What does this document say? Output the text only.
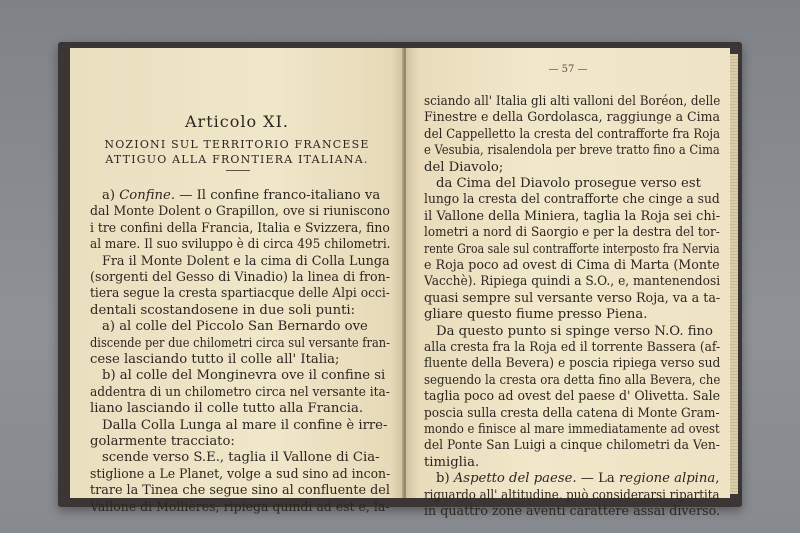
Articolo XI.
NOZIONI SUL TERRITORIO FRANCESE
ATTIGUO ALLA FRONTIERA ITALIANA.
a) Confine. — Il confine franco-italiano va
dal Monte Dolent o Grapillon, ove si riuniscono
i tre confini della Francia, Italia e Svizzera, fino
al mare. Il suo sviluppo è di circa 495 chilometri.
Fra il Monte Dolent e la cima di Colla Lunga
(sorgenti del Gesso di Vinadio) la linea di fron-
tiera segue la cresta spartiacque delle Alpi occi-
dentali scostandosene in due soli punti:
a) al colle del Piccolo San Bernardo ove
discende per due chilometri circa sul versante fran-
cese lasciando tutto il colle all' Italia;
b) al colle del Monginevra ove il confine si
addentra di un chilometro circa nel versante ita-
liano lasciando il colle tutto alla Francia.
Dalla Colla Lunga al mare il confine è irre-
golarmente tracciato:
scende verso S.E., taglia il Vallone di Cia-
stiglione a Le Planet, volge a sud sino ad incon-
trare la Tinea che segue sino al confluente del
Vallone di Mollières; ripiega quindi ad est e, la-
— 57 —
sciando all' Italia gli alti valloni del Boréon, delle
Finestre e della Gordolasca, raggiunge a Cima
del Cappelletto la cresta del contrafforte fra Roja
e Vesubia, risalendola per breve tratto fino a Cima
del Diavolo;
da Cima del Diavolo prosegue verso est
lungo la cresta del contrafforte che cinge a sud
il Vallone della Miniera, taglia la Roja sei chi-
lometri a nord di Saorgio e per la destra del tor-
rente Groa sale sul contrafforte interposto fra Nervia
e Roja poco ad ovest di Cima di Marta (Monte
Vacchè). Ripiega quindi a S.O., e, mantenendosi
quasi sempre sul versante verso Roja, va a ta-
gliare questo fiume presso Piena.
Da questo punto si spinge verso N.O. fino
alla cresta fra la Roja ed il torrente Bassera (af-
fluente della Bevera) e poscia ripiega verso sud
seguendo la cresta ora detta fino alla Bevera, che
taglia poco ad ovest del paese d' Olivetta. Sale
poscia sulla cresta della catena di Monte Gram-
mondo e finisce al mare immediatamente ad ovest
del Ponte San Luigi a cinque chilometri da Ven-
timiglia.
b) Aspetto del paese. — La regione alpina,
riguardo all' altitudine, può considerarsi ripartita
in quattro zone aventi carattere assai diverso.
